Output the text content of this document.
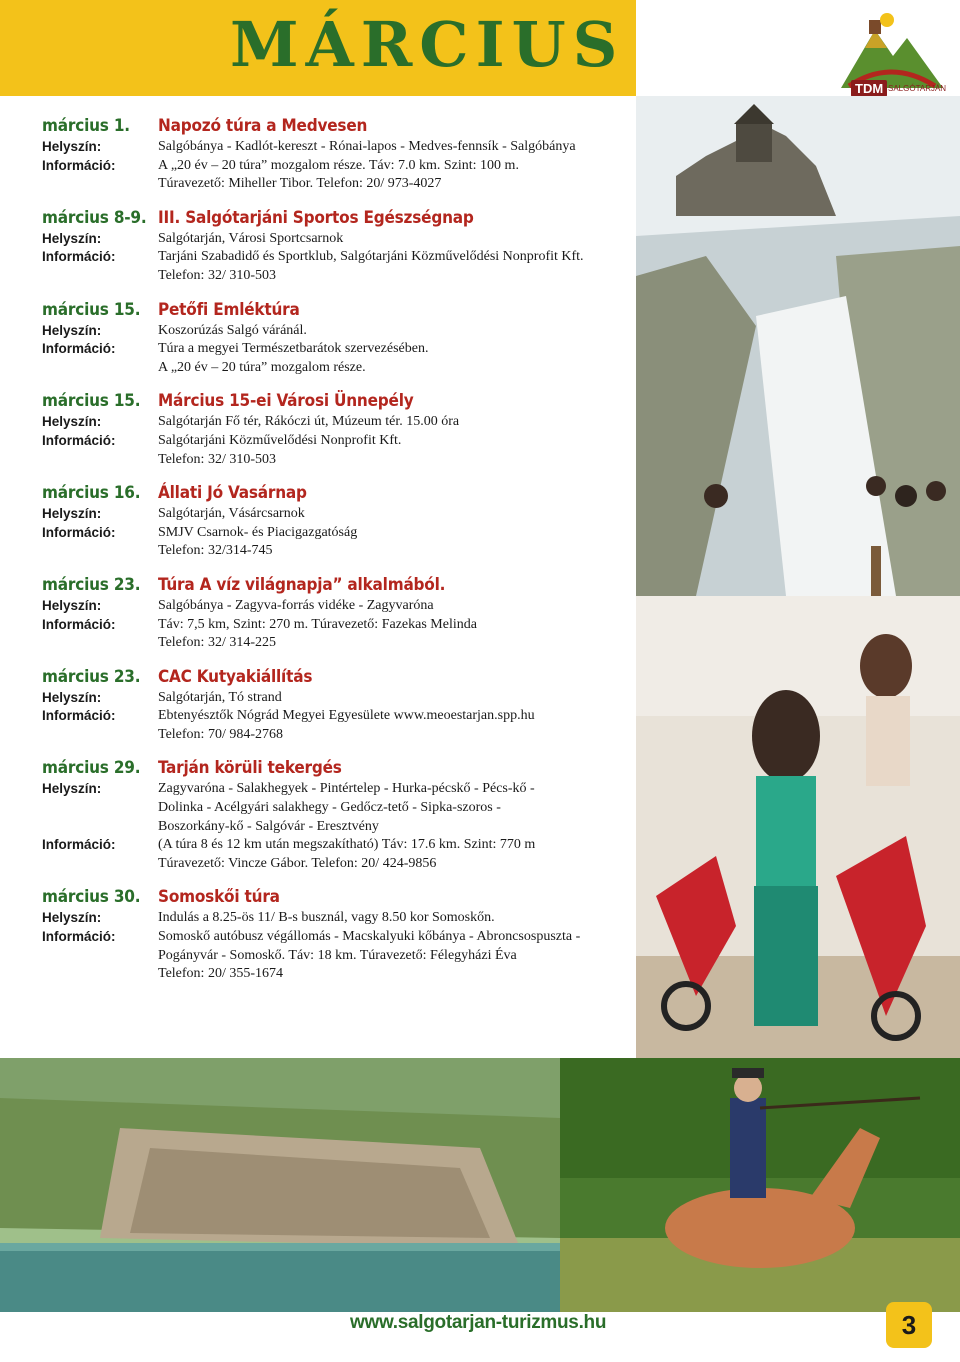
MÁRCIUS
TDM SALGÓTARJÁN
március 1.	Napozó túra a Medvesen
Helyszín:	Salgóbánya - Kadlót-kereszt - Rónai-lapos - Medves-fennsík - Salgóbánya
Információ:	A „20 év – 20 túra” mozgalom része. Táv: 7.0 km. Szint: 100 m.
Túravezető: Miheller Tibor. Telefon: 20/ 973-4027
március 8-9. III. Salgótarjáni Sportos Egészségnap
Helyszín:	Salgótarján, Városi Sportcsarnok
Információ:	Tarjáni Szabadidő és Sportklub, Salgótarjáni Közművelődési Nonprofit Kft.
Telefon: 32/ 310-503
március 15.	Petőfi Emléktúra
Helyszín:	Koszorúzás Salgó váránál.
Információ:	Túra a megyei Természetbarátok szervezésében.
A „20 év – 20 túra” mozgalom része.
március 15.	Március 15-ei Városi Ünnepély
Helyszín:	Salgótarján Fő tér, Rákóczi út, Múzeum tér. 15.00 óra
Információ:	Salgótarjáni Közművelődési Nonprofit Kft.
Telefon: 32/ 310-503
március 16.	Állati Jó Vasárnap
Helyszín:	Salgótarján, Vásárcsarnok
Információ:	SMJV Csarnok- és Piacigazgatóság
Telefon: 32/314-745
március 23.	Túra A víz világnapja” alkalmából.
Helyszín:	Salgóbánya - Zagyva-forrás vidéke - Zagyvaróna
Információ:	Táv: 7,5 km, Szint: 270 m. Túravezető: Fazekas Melinda
Telefon: 32/ 314-225
március 23.	CAC Kutyakiállítás
Helyszín:	Salgótarján, Tó strand
Információ:	Ebtenyésztők Nógrád Megyei Egyesülete www.meoestarjan.spp.hu
Telefon: 70/ 984-2768
március 29.	Tarján körüli tekergés
Helyszín:	Zagyvaróna - Salakhegyek - Pintértelep - Hurka-pécskő - Pécs-kő -
Dolinka - Acélgyári salakhegy - Gedőcz-tető - Sipka-szoros -
Boszorkány-kő - Salgóvár - Eresztvény
Információ:	(A túra 8 és 12 km után megszakítható) Táv: 17.6 km. Szint: 770 m
Túravezető: Vincze Gábor. Telefon: 20/ 424-9856
március 30.	Somoskői túra
Helyszín:	Indulás a 8.25-ös 11/ B-s busznál, vagy 8.50 kor Somoskőn.
Információ:	Somoskő autóbusz végállomás - Macskalyuki kőbánya - Abroncsospuszta -
Pogányvár - Somoskő. Táv: 18 km. Túravezető: Félegyházi Éva
Telefon: 20/ 355-1674
www.salgotarjan-turizmus.hu	3
